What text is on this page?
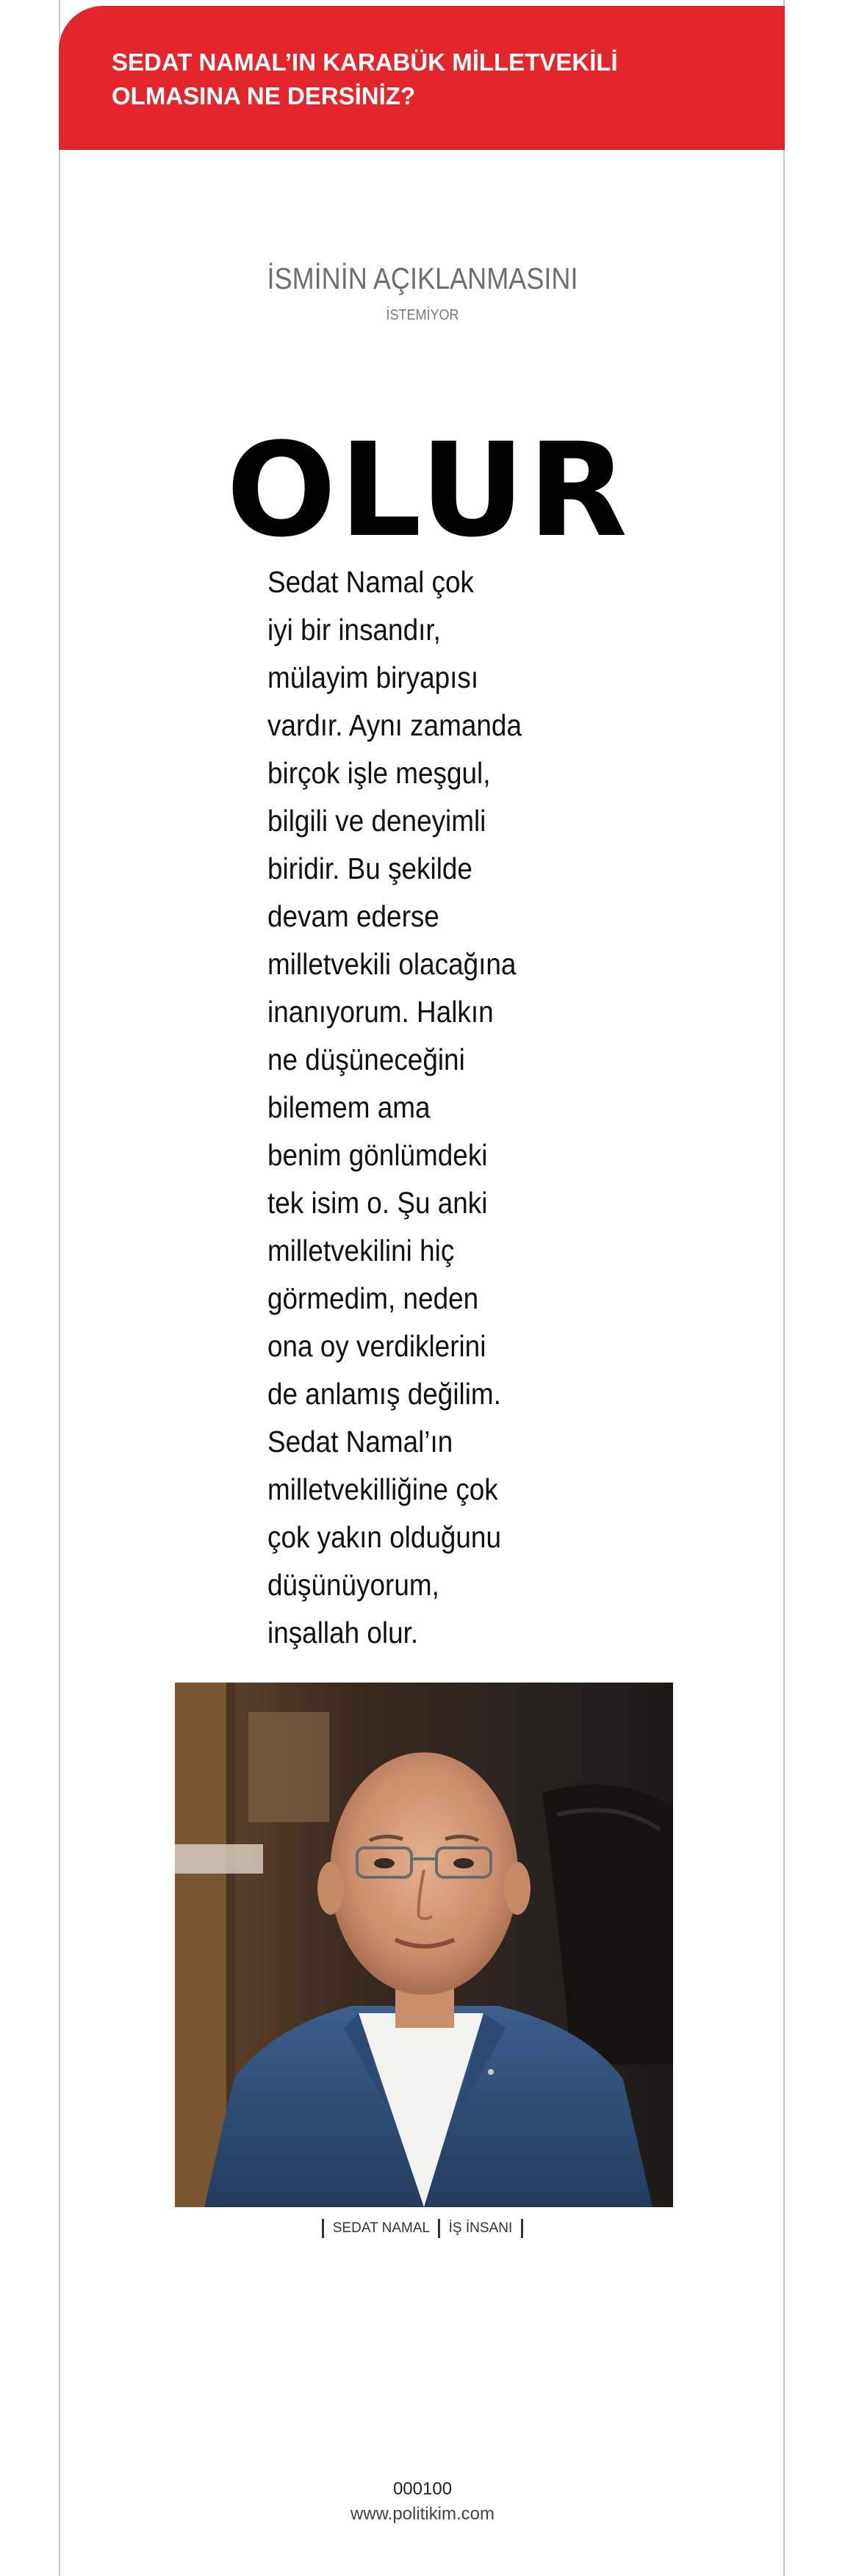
SEDAT NAMAL’IN KARABÜK MİLLETVEKİLİ OLMASINA NE DERSİNİZ?
İSMİNİN AÇIKLANMASINI
İSTEMİYOR
OLUR
Sedat Namal çok
iyi bir insandır,
mülayim biryapısı
vardır. Aynı zamanda
birçok işle meşgul,
bilgili ve deneyimli
biridir. Bu şekilde
devam ederse
milletvekili olacağına
inanıyorum. Halkın
ne düşüneceğini
bilemem ama
benim gönlümdeki
tek isim o. Şu anki
milletvekilini hiç
görmedim, neden
ona oy verdiklerini
de anlamış değilim.
Sedat Namal’ın
milletvekilliğine çok
çok yakın olduğunu
düşünüyorum,
inşallah olur.
SEDAT NAMAL İŞ İNSANI
000100
www.politikim.com
